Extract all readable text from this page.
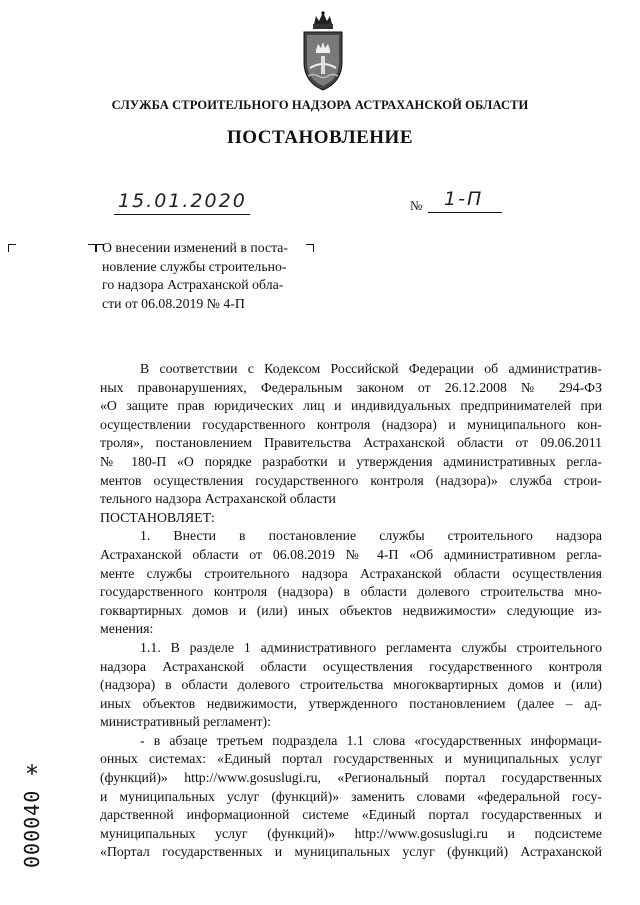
СЛУЖБА СТРОИТЕЛЬНОГО НАДЗОРА АСТРАХАНСКОЙ ОБЛАСТИ
ПОСТАНОВЛЕНИЕ
15.01.2020	№ 1-П
О внесении изменений в поста-
новление службы строительно-
го надзора Астраханской обла-
сти от 06.08.2019 № 4-П
В соответствии с Кодексом Российской Федерации об административ-
ных правонарушениях, Федеральным законом от 26.12.2008 № 294-ФЗ
«О защите прав юридических лиц и индивидуальных предпринимателей при
осуществлении государственного контроля (надзора) и муниципального кон-
троля», постановлением Правительства Астраханской области от 09.06.2011
№ 180-П «О порядке разработки и утверждения административных регла-
ментов осуществления государственного контроля (надзора)» служба строи-
тельного надзора Астраханской области
ПОСТАНОВЛЯЕТ:
1. Внести в постановление службы строительного надзора
Астраханской области от 06.08.2019 № 4-П «Об административном регла-
менте службы строительного надзора Астраханской области осуществления
государственного контроля (надзора) в области долевого строительства мно-
гоквартирных домов и (или) иных объектов недвижимости» следующие из-
менения:
1.1. В разделе 1 административного регламента службы строительного
надзора Астраханской области осуществления государственного контроля
(надзора) в области долевого строительства многоквартирных домов и (или)
иных объектов недвижимости, утвержденного постановлением (далее – ад-
министративный регламент):
- в абзаце третьем подраздела 1.1 слова «государственных информаци-
онных системах: «Единый портал государственных и муниципальных услуг
(функций)» http://www.gosuslugi.ru, «Региональный портал государственных
и муниципальных услуг (функций)» заменить словами «федеральной госу-
дарственной информационной системе «Единый портал государственных и
муниципальных услуг (функций)» http://www.gosuslugi.ru и подсистеме
«Портал государственных и муниципальных услуг (функций) Астраханской
*
000040
